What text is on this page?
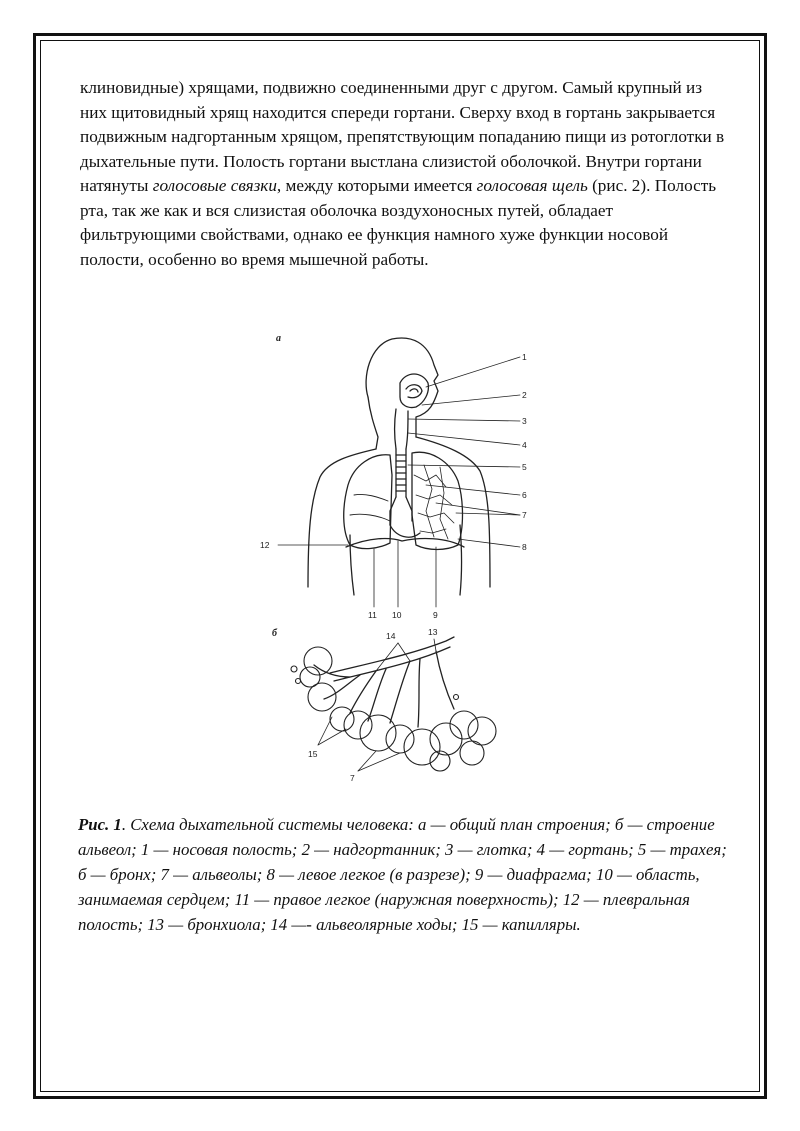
клиновидные) хрящами, подвижно соединенными друг с другом. Самый крупный из них щитовидный хрящ находится спереди гортани. Сверху вход в гортань закрывается подвижным надгортанным хрящом, препятствующим попаданию пищи из ротоглотки в дыхательные пути. Полость гортани выстлана слизистой оболочкой. Внутри гортани натянуты голосовые связки, между которыми имеется голосовая щель (рис. 2). Полость рта, так же как и вся слизистая оболочка воздухоносных путей, обладает фильтрующими свойствами, однако ее функция намного хуже функции носовой полости, особенно во время мышечной работы.

а
1
2
3
4
5
6
7
8
12
11 10	9
б	14	13
15
7
Рис. 1. Схема дыхательной системы человека: а — общий план строения; б — строение альвеол; 1 — носовая полость; 2 — надгортанник; 3 — глотка; 4 — гортань; 5 — трахея; б — бронх; 7 — альвеолы; 8 — левое легкое (в разрезе); 9 — диафрагма; 10 — область, занимаемая сердцем; 11 — правое легкое (наружная поверхность); 12 — плевральная полость; 13 — бронхиола; 14 —- альвеолярные ходы; 15 — капилляры.
